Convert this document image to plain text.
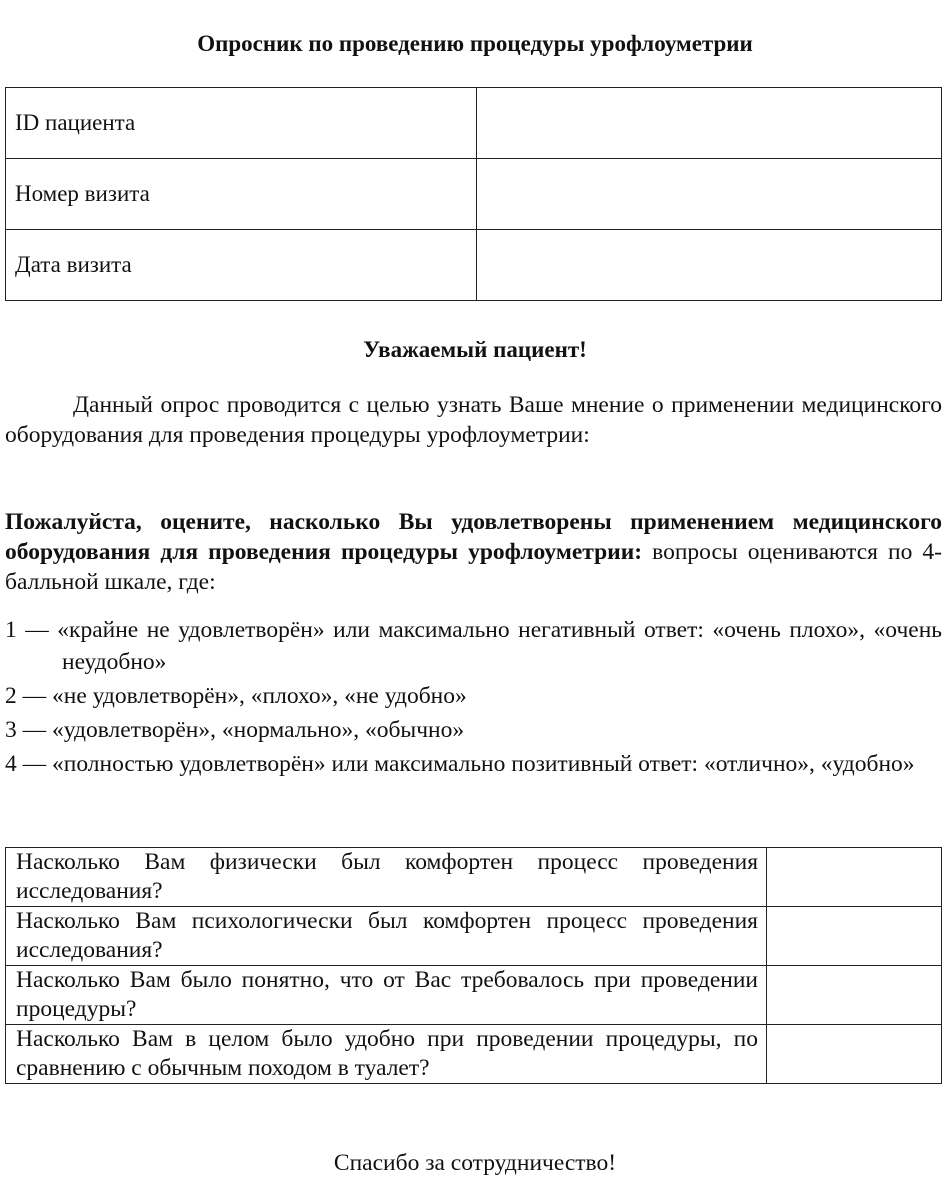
Опросник по проведению процедуры урофлоуметрии
ID пациента	
Номер визита	
Дата визита	
Уважаемый пациент!
Данный опрос проводится с целью узнать Ваше мнение о применении медицинского оборудования для проведения процедуры урофлоуметрии:
Пожалуйста, оцените, насколько Вы удовлетворены применением медицинского оборудования для проведения процедуры урофлоуметрии: вопросы оцениваются по 4-балльной шкале, где:
1 — «крайне не удовлетворён» или максимально негативный ответ: «очень плохо», «очень неудобно»
2 — «не удовлетворён», «плохо», «не удобно»
3 — «удовлетворён», «нормально», «обычно»
4 — «полностью удовлетворён» или максимально позитивный ответ: «отлично», «удобно»
Насколько Вам физически был комфортен процесс проведения исследования?	
Насколько Вам психологически был комфортен процесс проведения исследования?	
Насколько Вам было понятно, что от Вас требовалось при проведении процедуры?	
Насколько Вам в целом было удобно при проведении процедуры, по сравнению с обычным походом в туалет?	
Спасибо за сотрудничество!
